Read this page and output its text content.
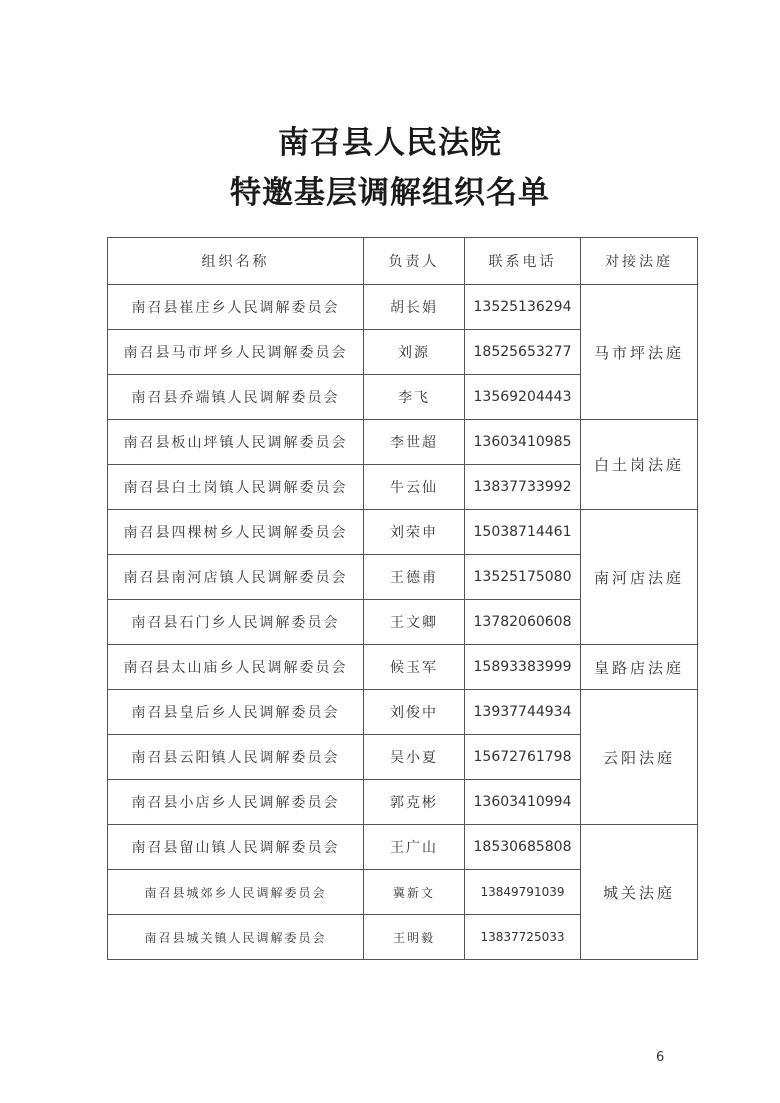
南召县人民法院
特邀基层调解组织名单
组织名称	负责人	联系电话	对接法庭
南召县崔庄乡人民调解委员会	胡长娟	13525136294	马市坪法庭
南召县马市坪乡人民调解委员会	刘源	18525653277	
南召县乔端镇人民调解委员会	李飞	13569204443	
南召县板山坪镇人民调解委员会	李世超	13603410985	白土岗法庭
南召县白土岗镇人民调解委员会	牛云仙	13837733992	
南召县四棵树乡人民调解委员会	刘荣申	15038714461	南河店法庭
南召县南河店镇人民调解委员会	王德甫	13525175080	
南召县石门乡人民调解委员会	王文卿	13782060608	
南召县太山庙乡人民调解委员会	候玉军	15893383999	皇路店法庭
南召县皇后乡人民调解委员会	刘俊中	13937744934	云阳法庭
南召县云阳镇人民调解委员会	吴小夏	15672761798	
南召县小店乡人民调解委员会	郭克彬	13603410994	
南召县留山镇人民调解委员会	王广山	18530685808	城关法庭
南召县城郊乡人民调解委员会	冀新文	13849791039	
南召县城关镇人民调解委员会	王明毅	13837725033	
6
